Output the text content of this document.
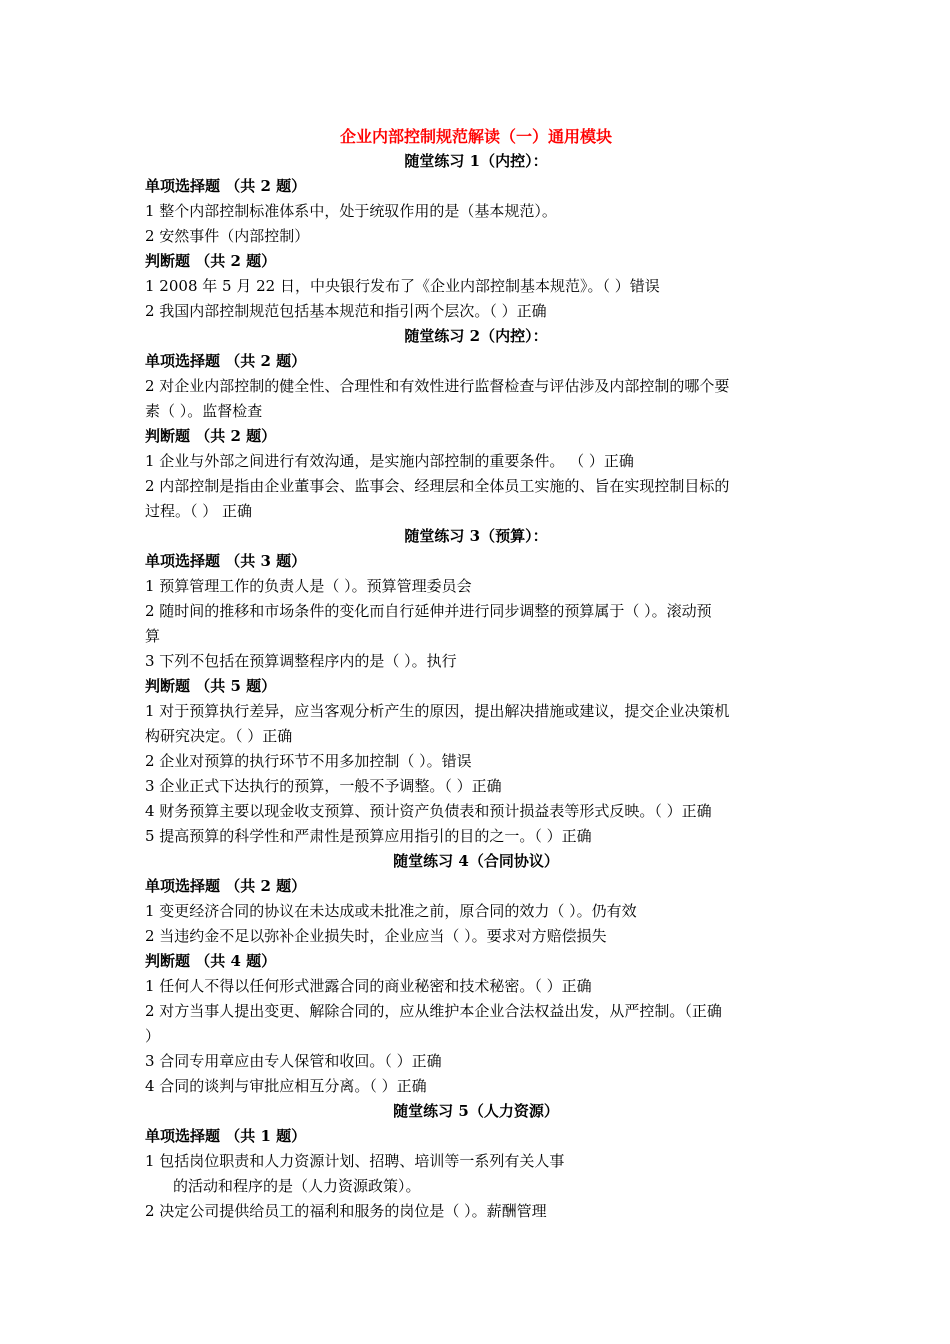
企业内部控制规范解读（一）通用模块
随堂练习 1（内控）：
单项选择题 （共 2 题）
1 整个内部控制标准体系中，处于统驭作用的是（基本规范）。
2 安然事件（内部控制）
判断题 （共 2 题）
1 2008 年 5 月 22 日，中央银行发布了《企业内部控制基本规范》。（ ）错误
2 我国内部控制规范包括基本规范和指引两个层次。（ ）正确
随堂练习 2（内控）：
单项选择题 （共 2 题）
2 对企业内部控制的健全性、合理性和有效性进行监督检查与评估涉及内部控制的哪个要
素（ ）。监督检查
判断题 （共 2 题）
1 企业与外部之间进行有效沟通，是实施内部控制的重要条件。 （ ）正确
2 内部控制是指由企业董事会、监事会、经理层和全体员工实施的、旨在实现控制目标的
过程。（ ） 正确
随堂练习 3（预算）：
单项选择题 （共 3 题）
1 预算管理工作的负责人是（ ）。预算管理委员会
2 随时间的推移和市场条件的变化而自行延伸并进行同步调整的预算属于（ ）。滚动预
算
3 下列不包括在预算调整程序内的是（ ）。执行
判断题 （共 5 题）
1 对于预算执行差异，应当客观分析产生的原因，提出解决措施或建议，提交企业决策机
构研究决定。（ ）正确
2 企业对预算的执行环节不用多加控制（ ）。错误
3 企业正式下达执行的预算，一般不予调整。（ ）正确
4 财务预算主要以现金收支预算、预计资产负债表和预计损益表等形式反映。（ ）正确
5 提高预算的科学性和严肃性是预算应用指引的目的之一。（ ）正确
随堂练习 4（合同协议）
单项选择题 （共 2 题）
1 变更经济合同的协议在未达成或未批准之前，原合同的效力（ ）。仍有效
2 当违约金不足以弥补企业损失时，企业应当（ ）。要求对方赔偿损失
判断题 （共 4 题）
1 任何人不得以任何形式泄露合同的商业秘密和技术秘密。（ ）正确
2 对方当事人提出变更、解除合同的，应从维护本企业合法权益出发，从严控制。（正确
）
3 合同专用章应由专人保管和收回。（ ）正确
4 合同的谈判与审批应相互分离。（ ）正确
随堂练习 5（人力资源）
单项选择题 （共 1 题）
1 包括岗位职责和人力资源计划、招聘、培训等一系列有关人事
的活动和程序的是（人力资源政策）。
2 决定公司提供给员工的福利和服务的岗位是（ ）。薪酬管理
